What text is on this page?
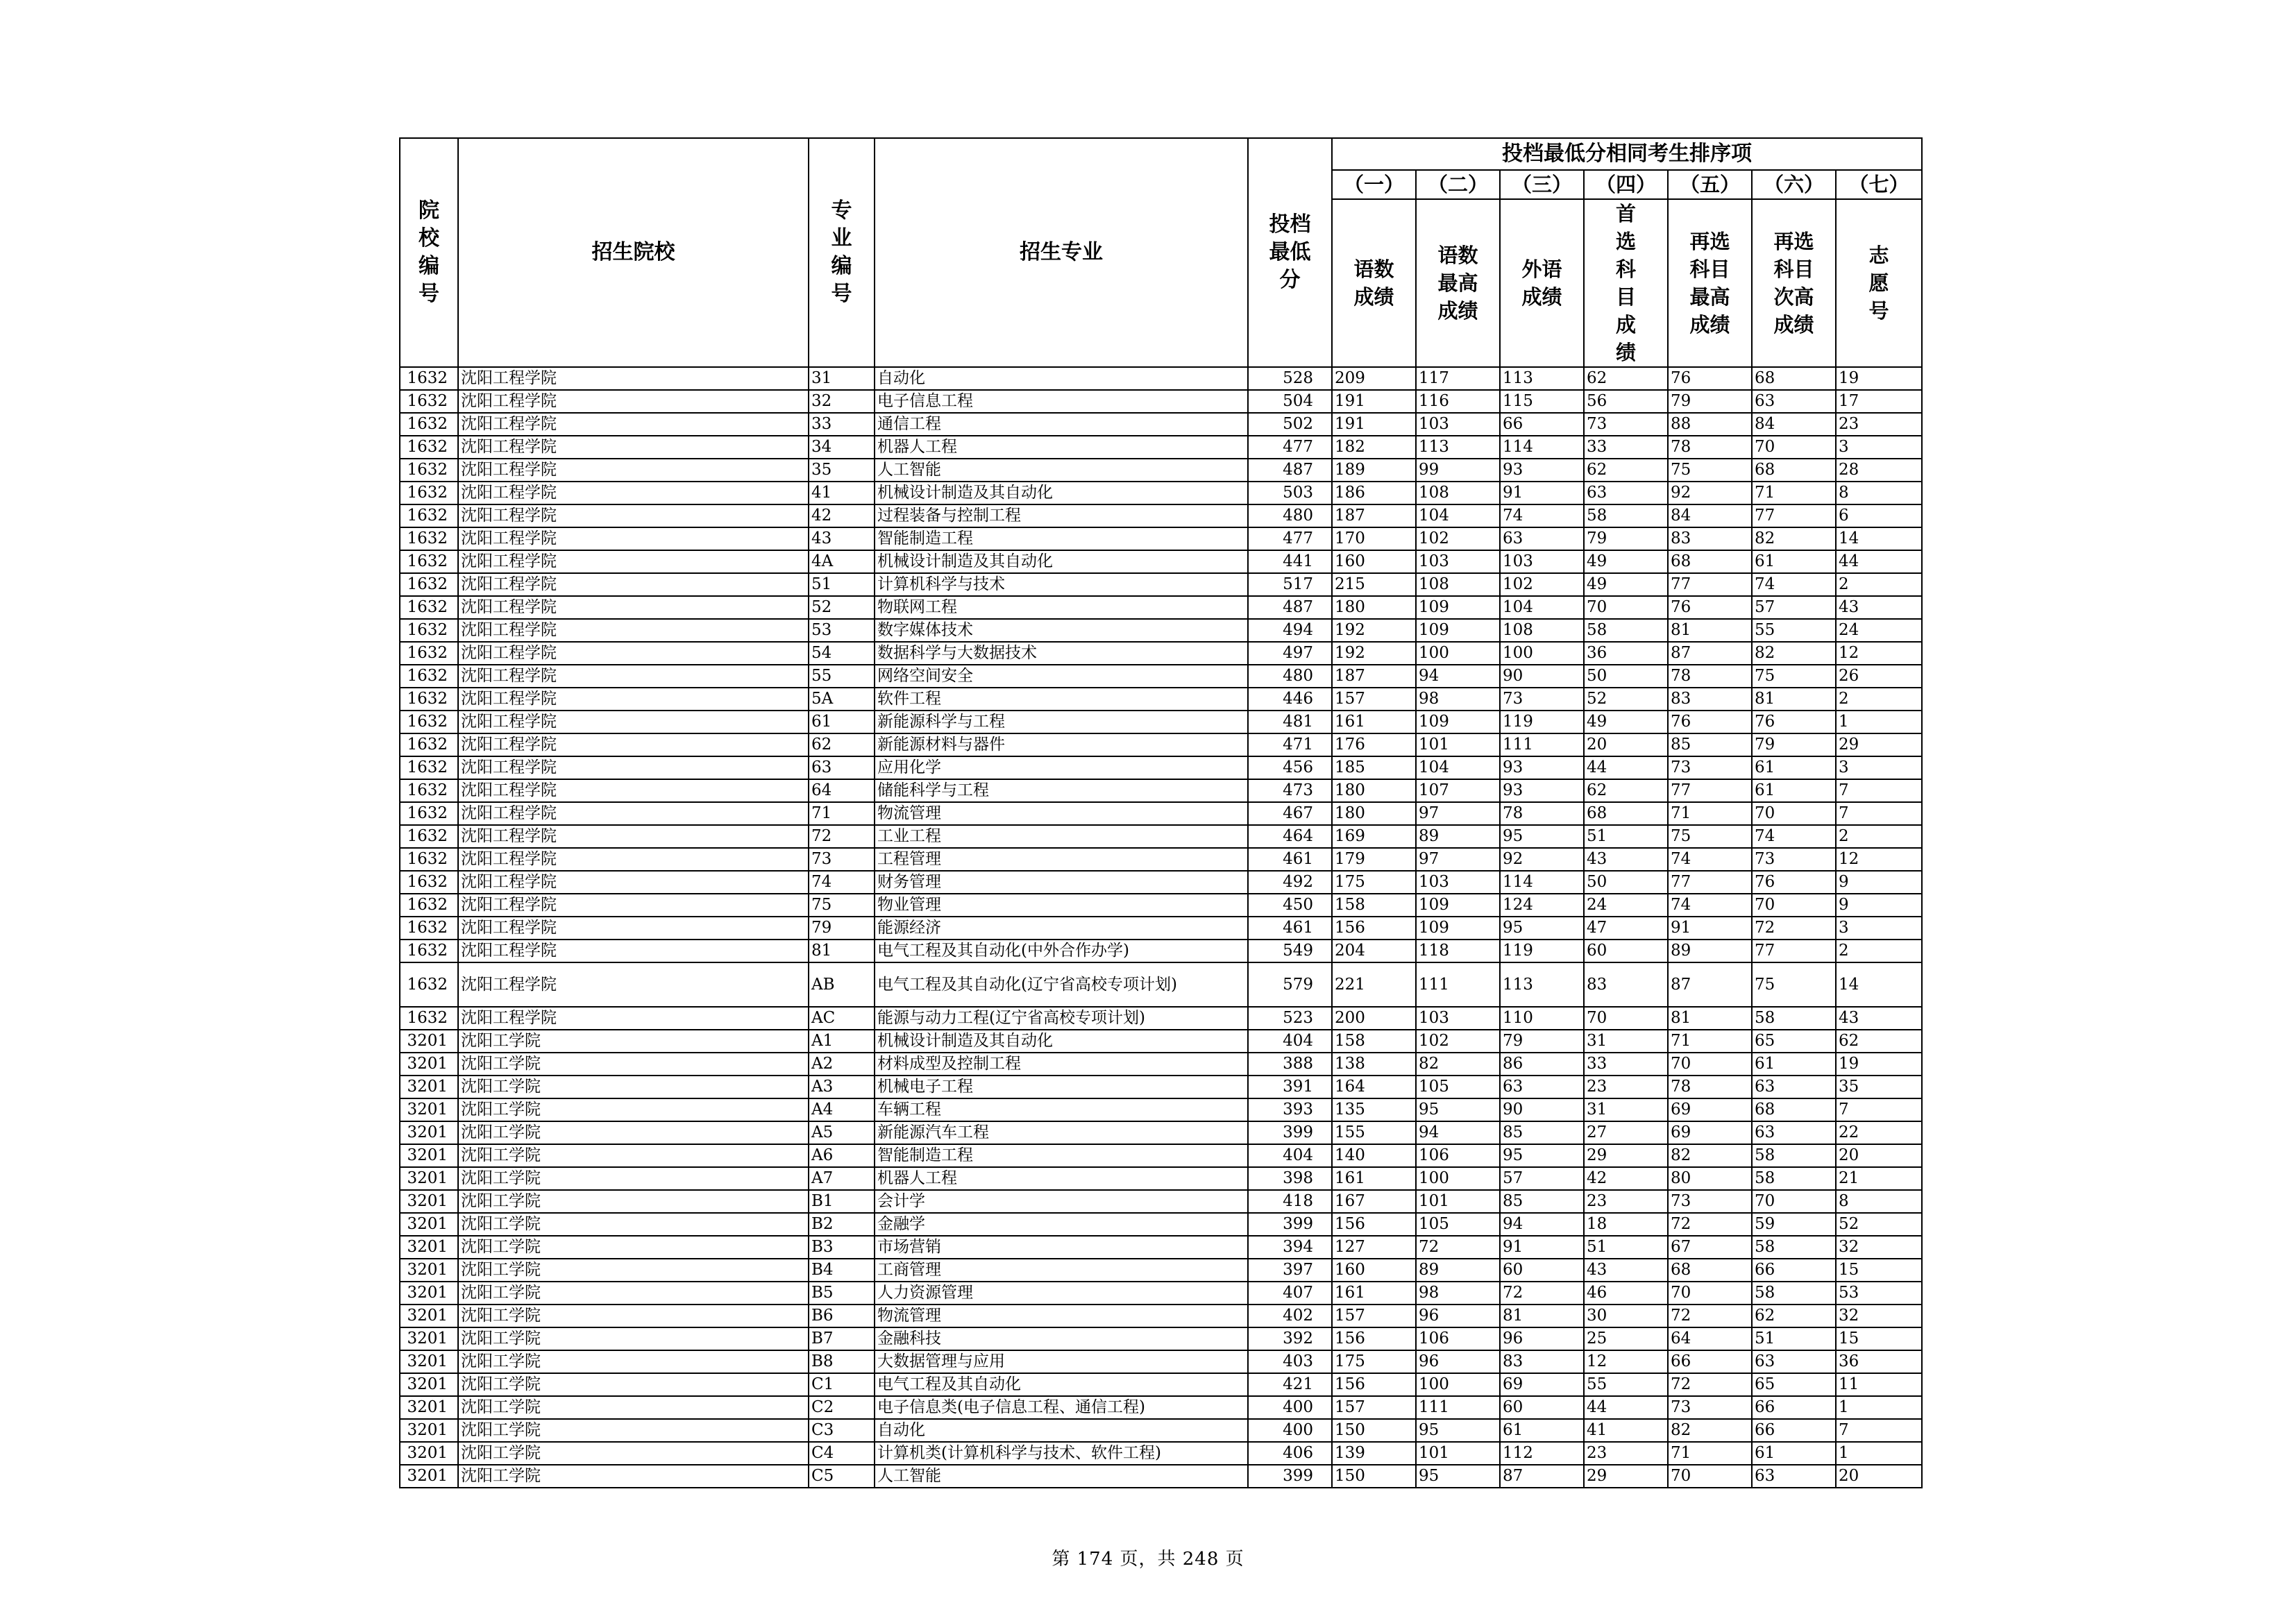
院校编号	招生院校	专业编号	招生专业	投档最低分	投档最低分相同考生排序项						
					（一）	（二）	（三）	（四）	（五）	（六）	（七）
					语数成绩	语数最高成绩	外语成绩	首选科目成绩	再选科目最高成绩	再选科目次高成绩	志愿号
1632	沈阳工程学院	31	自动化	528	209	117	113	62	76	68	19
1632	沈阳工程学院	32	电子信息工程	504	191	116	115	56	79	63	17
1632	沈阳工程学院	33	通信工程	502	191	103	66	73	88	84	23
1632	沈阳工程学院	34	机器人工程	477	182	113	114	33	78	70	3
1632	沈阳工程学院	35	人工智能	487	189	99	93	62	75	68	28
1632	沈阳工程学院	41	机械设计制造及其自动化	503	186	108	91	63	92	71	8
1632	沈阳工程学院	42	过程装备与控制工程	480	187	104	74	58	84	77	6
1632	沈阳工程学院	43	智能制造工程	477	170	102	63	79	83	82	14
1632	沈阳工程学院	4A	机械设计制造及其自动化	441	160	103	103	49	68	61	44
1632	沈阳工程学院	51	计算机科学与技术	517	215	108	102	49	77	74	2
1632	沈阳工程学院	52	物联网工程	487	180	109	104	70	76	57	43
1632	沈阳工程学院	53	数字媒体技术	494	192	109	108	58	81	55	24
1632	沈阳工程学院	54	数据科学与大数据技术	497	192	100	100	36	87	82	12
1632	沈阳工程学院	55	网络空间安全	480	187	94	90	50	78	75	26
1632	沈阳工程学院	5A	软件工程	446	157	98	73	52	83	81	2
1632	沈阳工程学院	61	新能源科学与工程	481	161	109	119	49	76	76	1
1632	沈阳工程学院	62	新能源材料与器件	471	176	101	111	20	85	79	29
1632	沈阳工程学院	63	应用化学	456	185	104	93	44	73	61	3
1632	沈阳工程学院	64	储能科学与工程	473	180	107	93	62	77	61	7
1632	沈阳工程学院	71	物流管理	467	180	97	78	68	71	70	7
1632	沈阳工程学院	72	工业工程	464	169	89	95	51	75	74	2
1632	沈阳工程学院	73	工程管理	461	179	97	92	43	74	73	12
1632	沈阳工程学院	74	财务管理	492	175	103	114	50	77	76	9
1632	沈阳工程学院	75	物业管理	450	158	109	124	24	74	70	9
1632	沈阳工程学院	79	能源经济	461	156	109	95	47	91	72	3
1632	沈阳工程学院	81	电气工程及其自动化(中外合作办学)	549	204	118	119	60	89	77	2
1632	沈阳工程学院	AB	电气工程及其自动化(辽宁省高校专项计划)	579	221	111	113	83	87	75	14
1632	沈阳工程学院	AC	能源与动力工程(辽宁省高校专项计划)	523	200	103	110	70	81	58	43
3201	沈阳工学院	A1	机械设计制造及其自动化	404	158	102	79	31	71	65	62
3201	沈阳工学院	A2	材料成型及控制工程	388	138	82	86	33	70	61	19
3201	沈阳工学院	A3	机械电子工程	391	164	105	63	23	78	63	35
3201	沈阳工学院	A4	车辆工程	393	135	95	90	31	69	68	7
3201	沈阳工学院	A5	新能源汽车工程	399	155	94	85	27	69	63	22
3201	沈阳工学院	A6	智能制造工程	404	140	106	95	29	82	58	20
3201	沈阳工学院	A7	机器人工程	398	161	100	57	42	80	58	21
3201	沈阳工学院	B1	会计学	418	167	101	85	23	73	70	8
3201	沈阳工学院	B2	金融学	399	156	105	94	18	72	59	52
3201	沈阳工学院	B3	市场营销	394	127	72	91	51	67	58	32
3201	沈阳工学院	B4	工商管理	397	160	89	60	43	68	66	15
3201	沈阳工学院	B5	人力资源管理	407	161	98	72	46	70	58	53
3201	沈阳工学院	B6	物流管理	402	157	96	81	30	72	62	32
3201	沈阳工学院	B7	金融科技	392	156	106	96	25	64	51	15
3201	沈阳工学院	B8	大数据管理与应用	403	175	96	83	12	66	63	36
3201	沈阳工学院	C1	电气工程及其自动化	421	156	100	69	55	72	65	11
3201	沈阳工学院	C2	电子信息类(电子信息工程、通信工程)	400	157	111	60	44	73	66	1
3201	沈阳工学院	C3	自动化	400	150	95	61	41	82	66	7
3201	沈阳工学院	C4	计算机类(计算机科学与技术、软件工程)	406	139	101	112	23	71	61	1
3201	沈阳工学院	C5	人工智能	399	150	95	87	29	70	63	20
第 174 页，共 248 页
